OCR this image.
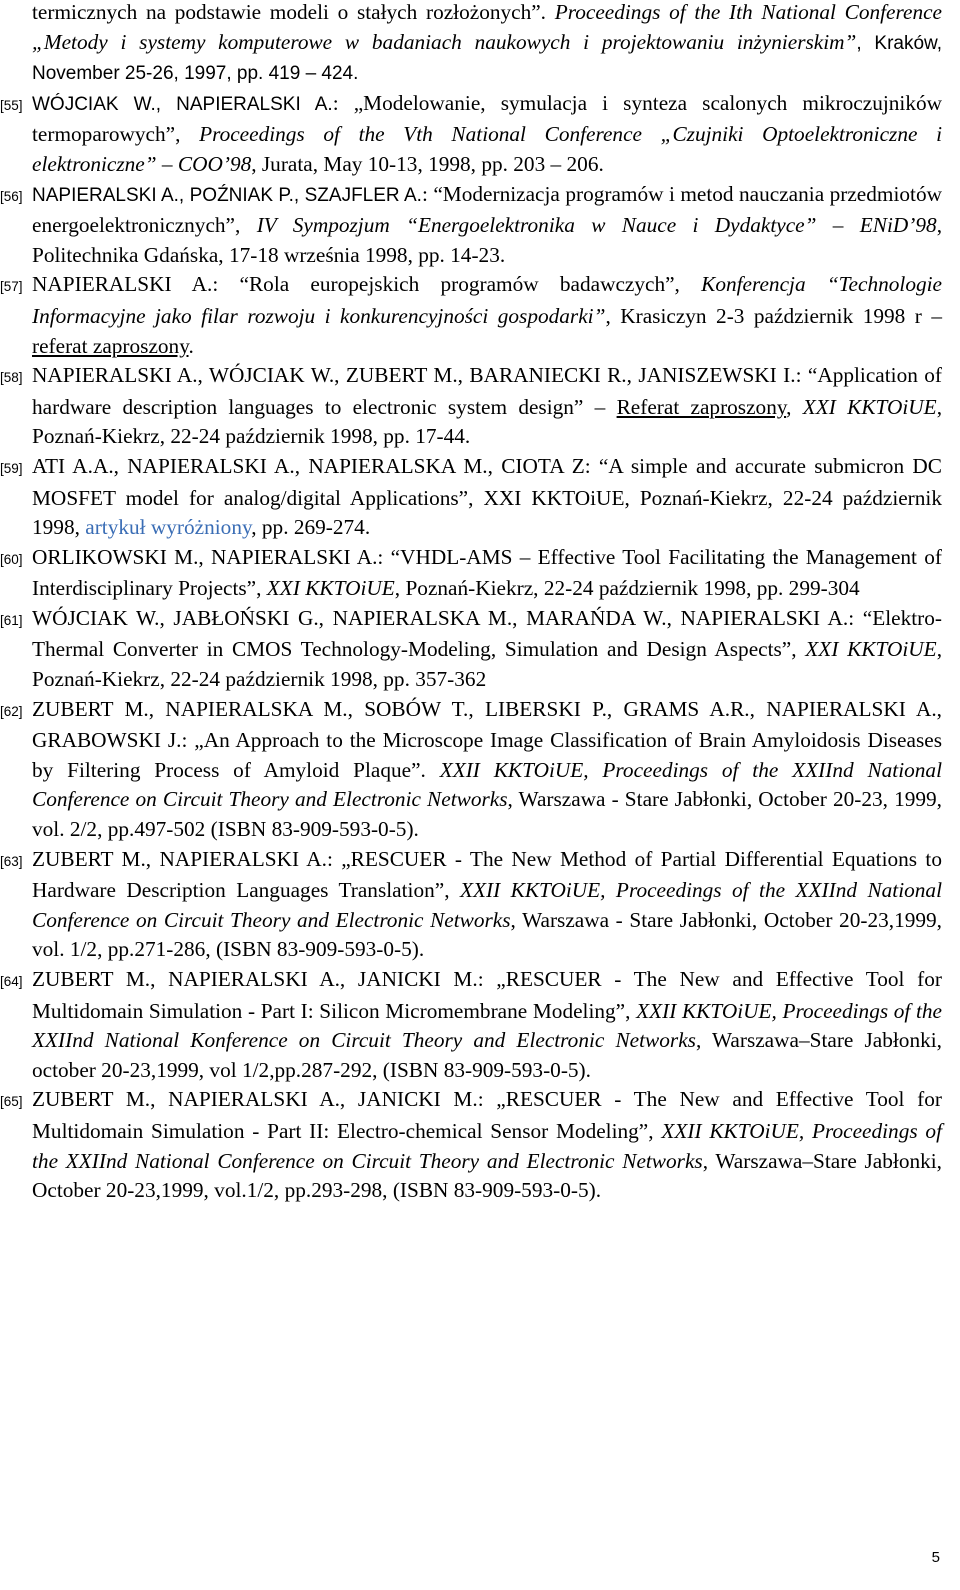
termicznych na podstawie modeli o stałych rozłożonych”. Proceedings of the Ith National Conference „Metody i systemy komputerowe w badaniach naukowych i projektowaniu inżynierskim”, Kraków, November 25-26, 1997, pp. 419 – 424.

[55] WÓJCIAK W., NAPIERALSKI A.: „Modelowanie, symulacja i synteza scalonych mikroczujników termoparowych”, Proceedings of the Vth National Conference „Czujniki Optoelektroniczne i elektroniczne” – COO’98, Jurata, May 10-13, 1998, pp. 203 – 206.

[56] NAPIERALSKI A., POŹNIAK P., SZAJFLER A.: “Modernizacja programów i metod nauczania przedmiotów energoelektronicznych”, IV Sympozjum “Energoelektronika w Nauce i Dydaktyce” – ENiD’98, Politechnika Gdańska, 17-18 września 1998, pp. 14-23.

[57] NAPIERALSKI A.: “Rola europejskich programów badawczych”, Konferencja “Technologie Informacyjne jako filar rozwoju i konkurencyjności gospodarki”, Krasiczyn 2-3 październik 1998 r – referat zaproszony.

[58] NAPIERALSKI A., WÓJCIAK W., ZUBERT M., BARANIECKI R., JANISZEWSKI I.: “Application of hardware description languages to electronic system design” – Referat zaproszony, XXI KKTOiUE, Poznań-Kiekrz, 22-24 październik 1998, pp. 17-44.

[59] ATI A.A., NAPIERALSKI A., NAPIERALSKA M., CIOTA Z: “A simple and accurate submicron DC MOSFET model for analog/digital Applications”, XXI KKTOiUE, Poznań-Kiekrz, 22-24 październik 1998, artykuł wyróżniony, pp. 269-274.

[60] ORLIKOWSKI M., NAPIERALSKI A.: “VHDL-AMS – Effective Tool Facilitating the Management of Interdisciplinary Projects”, XXI KKTOiUE, Poznań-Kiekrz, 22-24 październik 1998, pp. 299-304

[61] WÓJCIAK W., JABŁOŃSKI G., NAPIERALSKA M., MARAŃDA W., NAPIERALSKI A.: “Elektro-Thermal Converter in CMOS Technology-Modeling, Simulation and Design Aspects”, XXI KKTOiUE, Poznań-Kiekrz, 22-24 październik 1998, pp. 357-362

[62] ZUBERT M., NAPIERALSKA M., SOBÓW T., LIBERSKI P., GRAMS A.R., NAPIERALSKI A., GRABOWSKI J.: „An Approach to the Microscope Image Classification of Brain Amyloidosis Diseases by Filtering Process of Amyloid Plaque”. XXII KKTOiUE, Proceedings of the XXIInd National Conference on Circuit Theory and Electronic Networks, Warszawa - Stare Jabłonki, October 20-23, 1999, vol. 2/2, pp.497-502 (ISBN 83-909-593-0-5).

[63] ZUBERT M., NAPIERALSKI A.: „RESCUER - The New Method of Partial Differential Equations to Hardware Description Languages Translation”, XXII KKTOiUE, Proceedings of the XXIInd National Conference on Circuit Theory and Electronic Networks, Warszawa - Stare Jabłonki, October 20-23,1999, vol. 1/2, pp.271-286, (ISBN 83-909-593-0-5).

[64] ZUBERT M., NAPIERALSKI A., JANICKI M.: „RESCUER - The New and Effective Tool for Multidomain Simulation - Part I: Silicon Micromembrane Modeling”, XXII KKTOiUE, Proceedings of the XXIInd National Konference on Circuit Theory and Electronic Networks, Warszawa–Stare Jabłonki, october 20-23,1999, vol 1/2,pp.287-292, (ISBN 83-909-593-0-5).

[65] ZUBERT M., NAPIERALSKI A., JANICKI M.: „RESCUER - The New and Effective Tool for Multidomain Simulation - Part II: Electro-chemical Sensor Modeling”, XXII KKTOiUE, Proceedings of the XXIInd National Conference on Circuit Theory and Electronic Networks, Warszawa–Stare Jabłonki, October 20-23,1999, vol.1/2, pp.293-298, (ISBN 83-909-593-0-5).

5
